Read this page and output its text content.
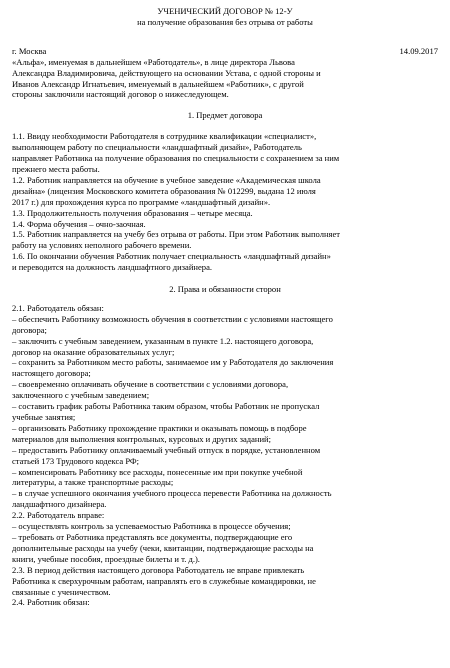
УЧЕНИЧЕСКИЙ ДОГОВОР № 12-У

на получение образования без отрыва от работы

г. Москва	14.09.2017

«Альфа», именуемая в дальнейшем «Работодатель», в лице директора Львова

Александра Владимировича, действующего на основании Устава, с одной стороны и

Иванов Александр Игнатьевич, именуемый в дальнейшем «Работник», с другой

стороны заключили настоящий договор о нижеследующем.

1. Предмет договора

1.1. Ввиду необходимости Работодателя в сотруднике квалификации «специалист»,

выполняющем работу по специальности «ландшафтный дизайн», Работодатель

направляет Работника на получение образования по специальности с сохранением за ним

прежнего места работы.

1.2. Работник направляется на обучение в учебное заведение «Академическая школа

дизайна» (лицензия Московского комитета образования № 012299, выдана 12 июля

2017 г.) для прохождения курса по программе «ландшафтный дизайн».

1.3. Продолжительность получения образования – четыре месяца.

1.4. Форма обучения – очно-заочная.

1.5. Работник направляется на учебу без отрыва от работы. При этом Работник выполняет

работу на условиях неполного рабочего времени.

1.6. По окончании обучения Работник получает специальность «ландшафтный дизайн»

и переводится на должность ландшафтного дизайнера.

2. Права и обязанности сторон

2.1. Работодатель обязан:

– обеспечить Работнику возможность обучения в соответствии с условиями настоящего

договора;

– заключить с учебным заведением, указанным в пункте 1.2. настоящего договора,

договор на оказание образовательных услуг;

– сохранить за Работником место работы, занимаемое им у Работодателя до заключения

настоящего договора;

– своевременно оплачивать обучение в соответствии с условиями договора,

заключенного с учебным заведением;

– составить график работы Работника таким образом, чтобы Работник не пропускал

учебные занятия;

– организовать Работнику прохождение практики и оказывать помощь в подборе

материалов для выполнения контрольных, курсовых и других заданий;

– предоставить Работнику оплачиваемый учебный отпуск в порядке, установленном

статьей 173 Трудового кодекса РФ;

– компенсировать Работнику все расходы, понесенные им при покупке учебной

литературы, а также транспортные расходы;

– в случае успешного окончания учебного процесса перевести Работника на должность

ландшафтного дизайнера.

2.2. Работодатель вправе:

– осуществлять контроль за успеваемостью Работника в процессе обучения;

– требовать от Работника представлять все документы, подтверждающие его

дополнительные расходы на учебу (чеки, квитанции, подтверждающие расходы на

книги, учебные пособия, проездные билеты и т. д.).

2.3. В период действия настоящего договора Работодатель не вправе привлекать

Работника к сверхурочным работам, направлять его в служебные командировки, не

связанные с ученичеством.

2.4. Работник обязан:
